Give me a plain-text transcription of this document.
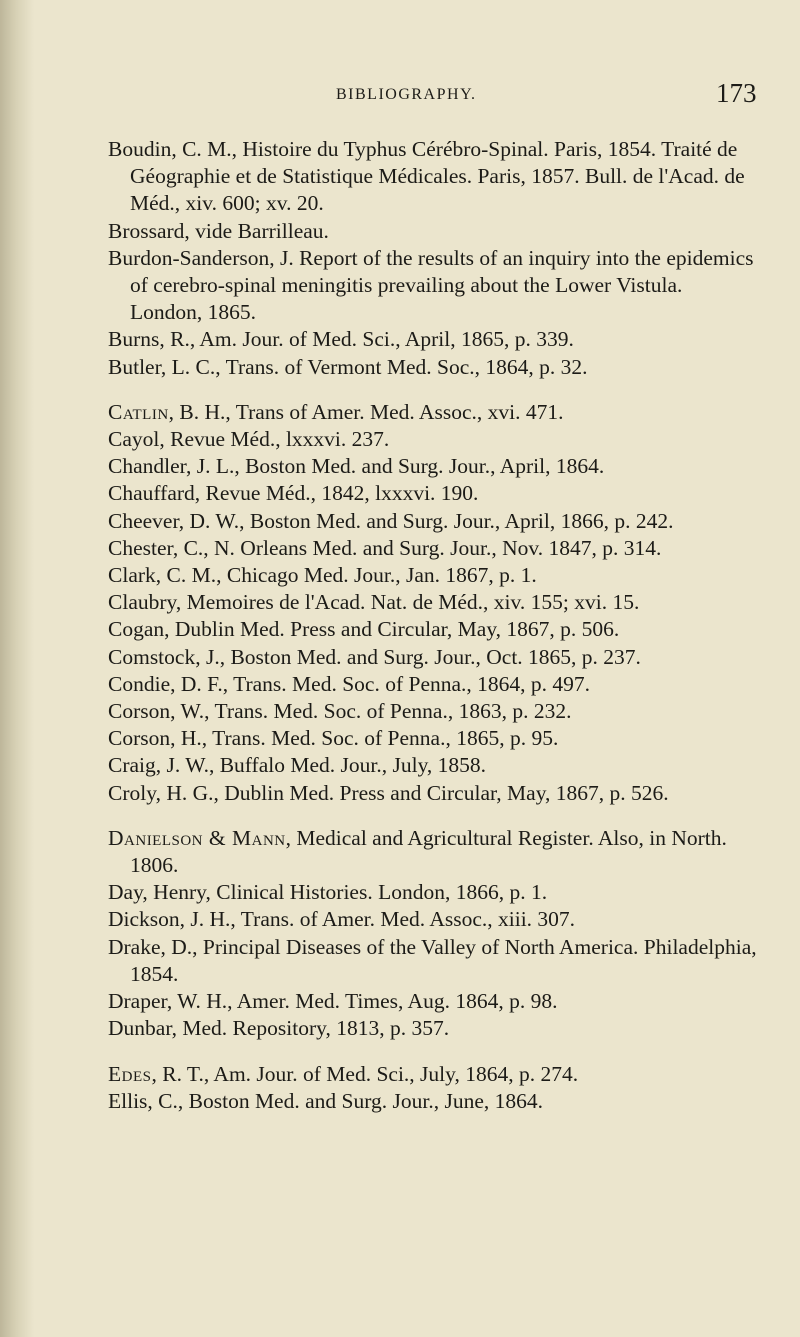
BIBLIOGRAPHY.	173
Boudin, C. M., Histoire du Typhus Cérébro-Spinal. Paris, 1854. Traité de Géographie et de Statistique Médicales. Paris, 1857. Bull. de l'Acad. de Méd., xiv. 600; xv. 20.
Brossard, vide Barrilleau.
Burdon-Sanderson, J. Report of the results of an inquiry into the epidemics of cerebro-spinal meningitis prevailing about the Lower Vistula. London, 1865.
Burns, R., Am. Jour. of Med. Sci., April, 1865, p. 339.
Butler, L. C., Trans. of Vermont Med. Soc., 1864, p. 32.
Catlin, B. H., Trans of Amer. Med. Assoc., xvi. 471.
Cayol, Revue Méd., lxxxvi. 237.
Chandler, J. L., Boston Med. and Surg. Jour., April, 1864.
Chauffard, Revue Méd., 1842, lxxxvi. 190.
Cheever, D. W., Boston Med. and Surg. Jour., April, 1866, p. 242.
Chester, C., N. Orleans Med. and Surg. Jour., Nov. 1847, p. 314.
Clark, C. M., Chicago Med. Jour., Jan. 1867, p. 1.
Claubry, Memoires de l'Acad. Nat. de Méd., xiv. 155; xvi. 15.
Cogan, Dublin Med. Press and Circular, May, 1867, p. 506.
Comstock, J., Boston Med. and Surg. Jour., Oct. 1865, p. 237.
Condie, D. F., Trans. Med. Soc. of Penna., 1864, p. 497.
Corson, W., Trans. Med. Soc. of Penna., 1863, p. 232.
Corson, H., Trans. Med. Soc. of Penna., 1865, p. 95.
Craig, J. W., Buffalo Med. Jour., July, 1858.
Croly, H. G., Dublin Med. Press and Circular, May, 1867, p. 526.
Danielson & Mann, Medical and Agricultural Register. Also, in North. 1806.
Day, Henry, Clinical Histories. London, 1866, p. 1.
Dickson, J. H., Trans. of Amer. Med. Assoc., xiii. 307.
Drake, D., Principal Diseases of the Valley of North America. Philadelphia, 1854.
Draper, W. H., Amer. Med. Times, Aug. 1864, p. 98.
Dunbar, Med. Repository, 1813, p. 357.
Edes, R. T., Am. Jour. of Med. Sci., July, 1864, p. 274.
Ellis, C., Boston Med. and Surg. Jour., June, 1864.
